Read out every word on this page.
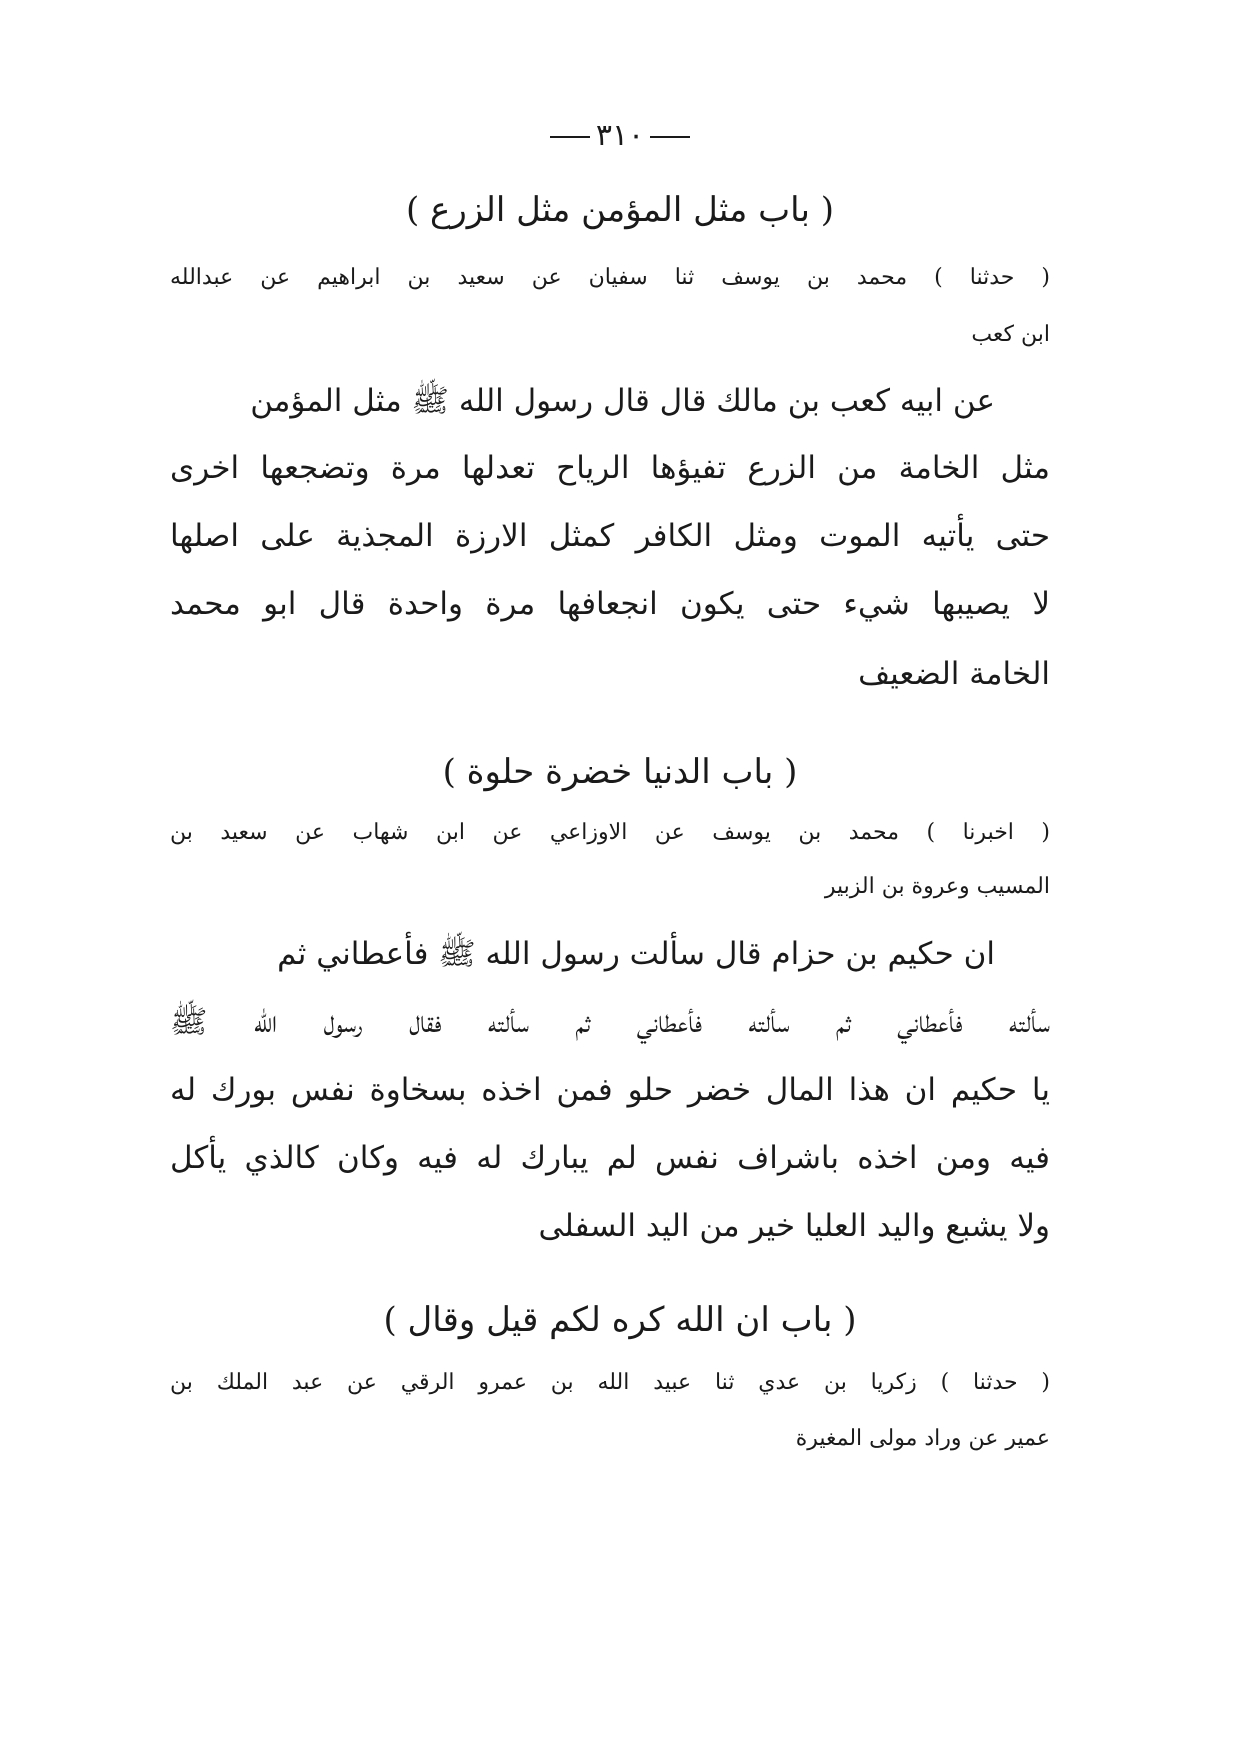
٣١٠
( باب مثل المؤمن مثل الزرع )
( حدثنا ) محمد بن يوسف ثنا سفيان عن سعيد بن ابراهيم عن عبدالله
ابن كعب
عن ابيه كعب بن مالك قال قال رسول الله ﷺ مثل المؤمن
مثل الخامة من الزرع تفيؤها الرياح تعدلها مرة وتضجعها اخرى
حتى يأتيه الموت ومثل الكافر كمثل الارزة المجذية على اصلها
لا يصيبها شيء حتى يكون انجعافها مرة واحدة قال ابو محمد
الخامة الضعيف
( باب الدنيا خضرة حلوة )
( اخبرنا ) محمد بن يوسف عن الاوزاعي عن ابن شهاب عن سعيد بن
المسيب وعروة بن الزبير
ان حكيم بن حزام قال سألت رسول الله ﷺ فأعطاني ثم
سألته فأعطاني ثم سألته فأعطاني ثم سألته فقال رسول الله ﷺ
يا حكيم ان هذا المال خضر حلو فمن اخذه بسخاوة نفس بورك له
فيه ومن اخذه باشراف نفس لم يبارك له فيه وكان كالذي يأكل
ولا يشبع واليد العليا خير من اليد السفلى
( باب ان الله كره لكم قيل وقال )
( حدثنا ) زكريا بن عدي ثنا عبيد الله بن عمرو الرقي عن عبد الملك بن
عمير عن وراد مولى المغيرة
